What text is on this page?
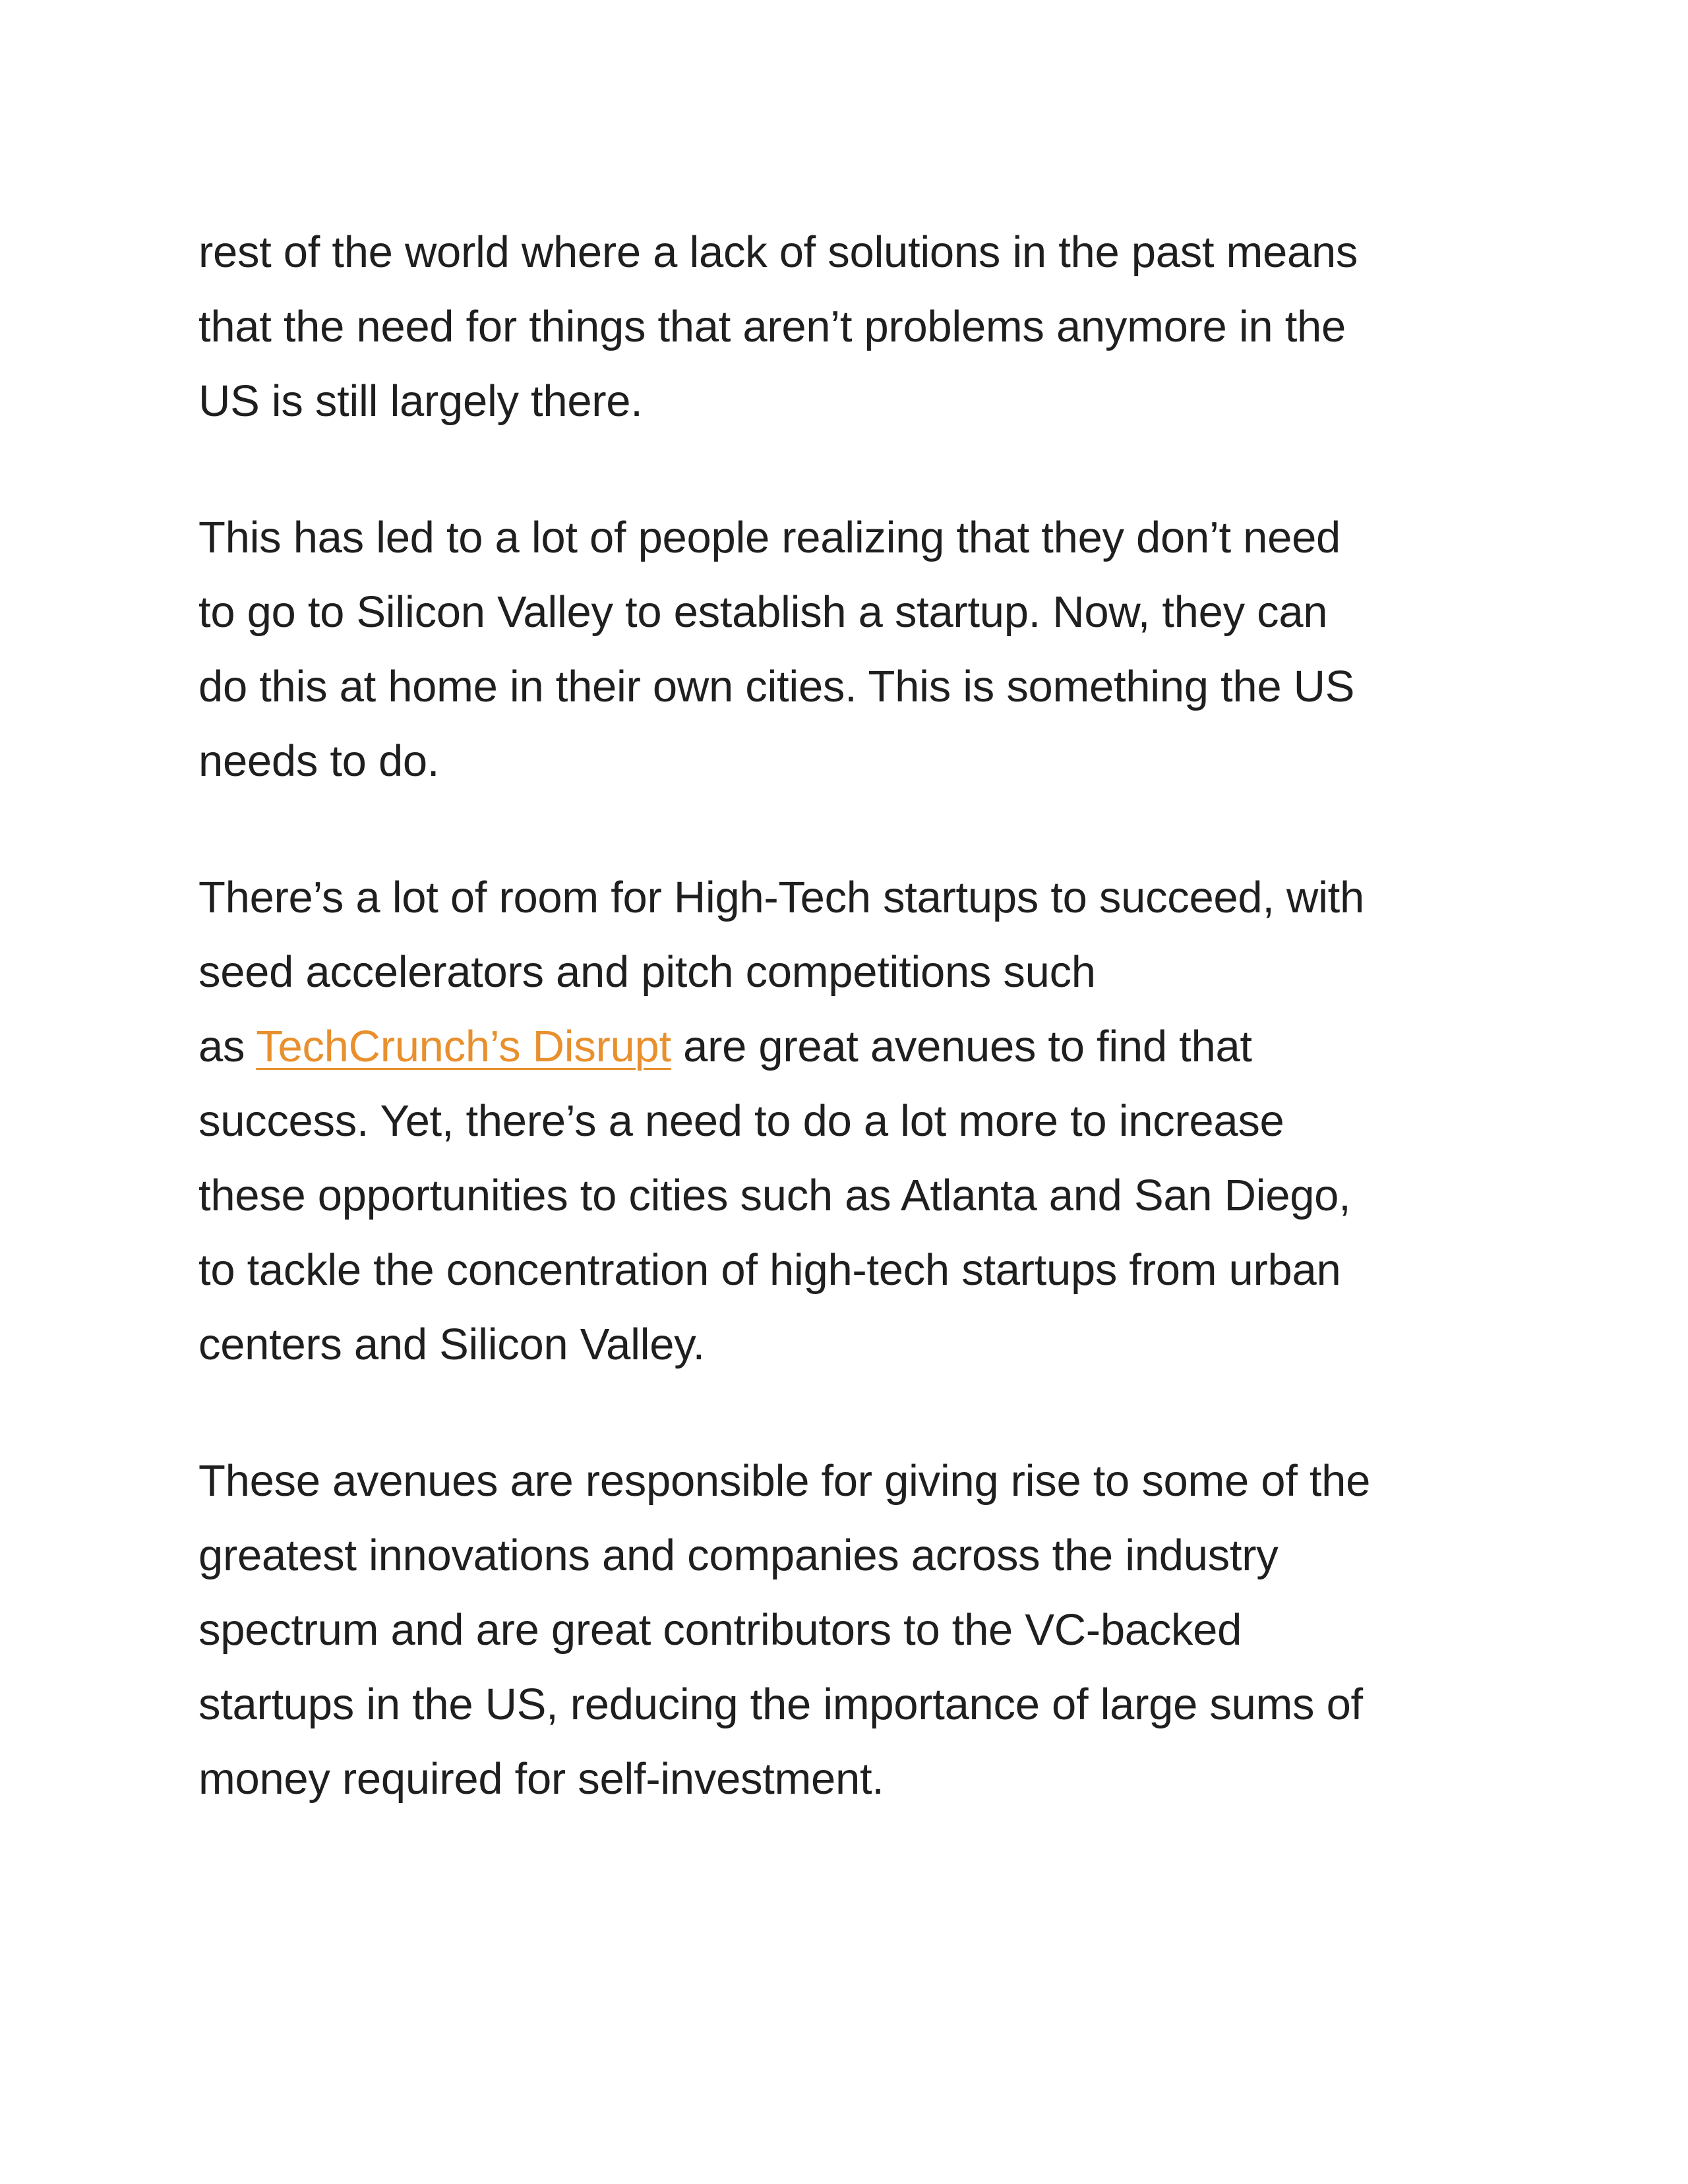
rest of the world where a lack of solutions in the past means
that the need for things that aren’t problems anymore in the
US is still largely there.

This has led to a lot of people realizing that they don’t need
to go to Silicon Valley to establish a startup. Now, they can
do this at home in their own cities. This is something the US
needs to do.

There’s a lot of room for High-Tech startups to succeed, with
seed accelerators and pitch competitions such
as TechCrunch’s Disrupt are great avenues to find that
success. Yet, there’s a need to do a lot more to increase
these opportunities to cities such as Atlanta and San Diego,
to tackle the concentration of high-tech startups from urban
centers and Silicon Valley.

These avenues are responsible for giving rise to some of the
greatest innovations and companies across the industry
spectrum and are great contributors to the VC-backed
startups in the US, reducing the importance of large sums of
money required for self-investment.
